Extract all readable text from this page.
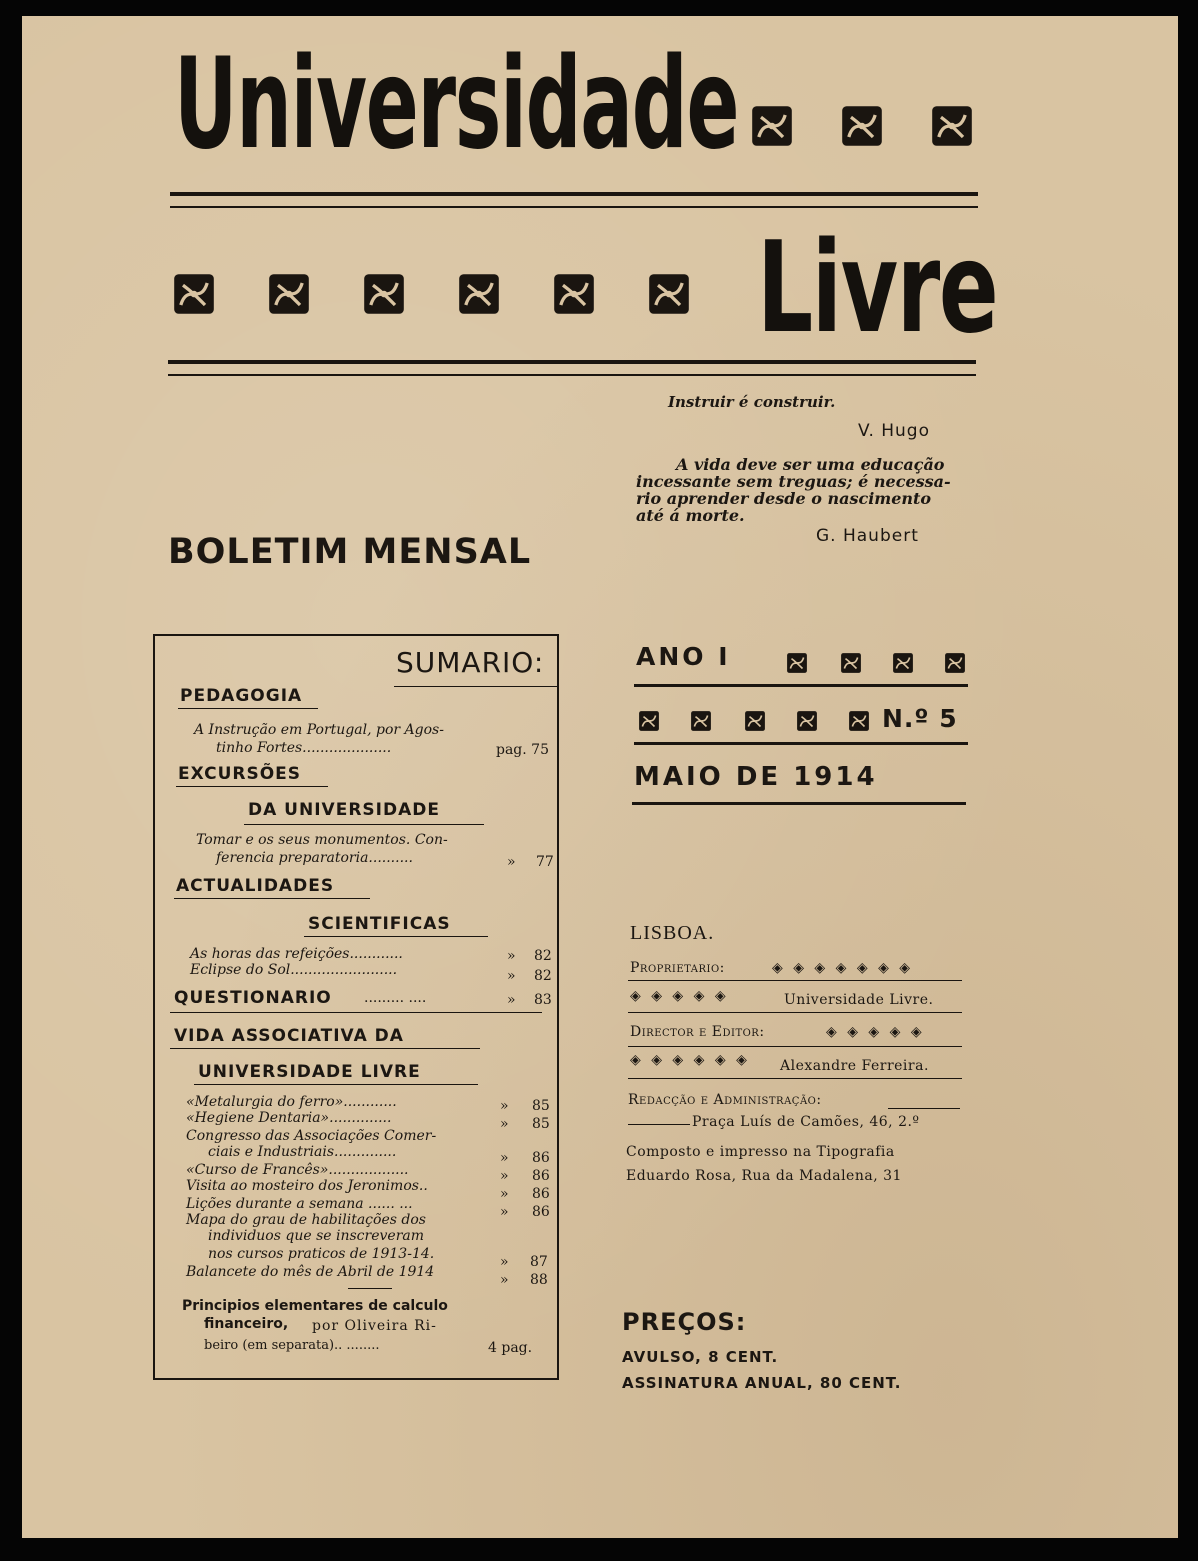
Universidade
Livre
Instruir é construir.
V. Hugo
A vida deve ser uma educação
incessante sem treguas; é necessa-
rio aprender desde o nascimento
até á morte.
G. Haubert
BOLETIM MENSAL
SUMARIO:
PEDAGOGIA
A Instrução em Portugal, por Agos-
tinho Fortes....................	pag. 75
EXCURSÕES
DA UNIVERSIDADE
Tomar e os seus monumentos. Con-
ferencia preparatoria..........	» 77
ACTUALIDADES
SCIENTIFICAS
As horas das refeições............	» 82
Eclipse do Sol........................	» 82
QUESTIONARIO ......... ....	» 83
VIDA ASSOCIATIVA DA
UNIVERSIDADE LIVRE
«Metalurgia do ferro»............	» 85
«Hegiene Dentaria»..............	» 85
Congresso das Associações Comer-
ciais e Industriais..............	» 86
«Curso de Francês»..................	» 86
Visita ao mosteiro dos Jeronimos..	» 86
Lições durante a semana ...... ...	» 86
Mapa do grau de habilitações dos
individuos que se inscreveram
nos cursos praticos de 1913-14.	» 87
Balancete do mês de Abril de 1914	» 88
Principios elementares de calculo
financeiro, por Oliveira Ri-
beiro (em separata).. ........	4 pag.
ANO I
N.º 5
MAIO DE 1914
LISBOA.
Proprietario:	◈ ◈ ◈ ◈ ◈ ◈ ◈
◈ ◈ ◈ ◈ ◈	Universidade Livre.
Director e Editor:	◈ ◈ ◈ ◈ ◈
◈ ◈ ◈ ◈ ◈ ◈ Alexandre Ferreira.
Redacção e Administração:
Praça Luís de Camões, 46, 2.º
Composto e impresso na Tipografia
Eduardo Rosa, Rua da Madalena, 31
PREÇOS:
AVULSO, 8 CENT.
ASSINATURA ANUAL, 80 CENT.
